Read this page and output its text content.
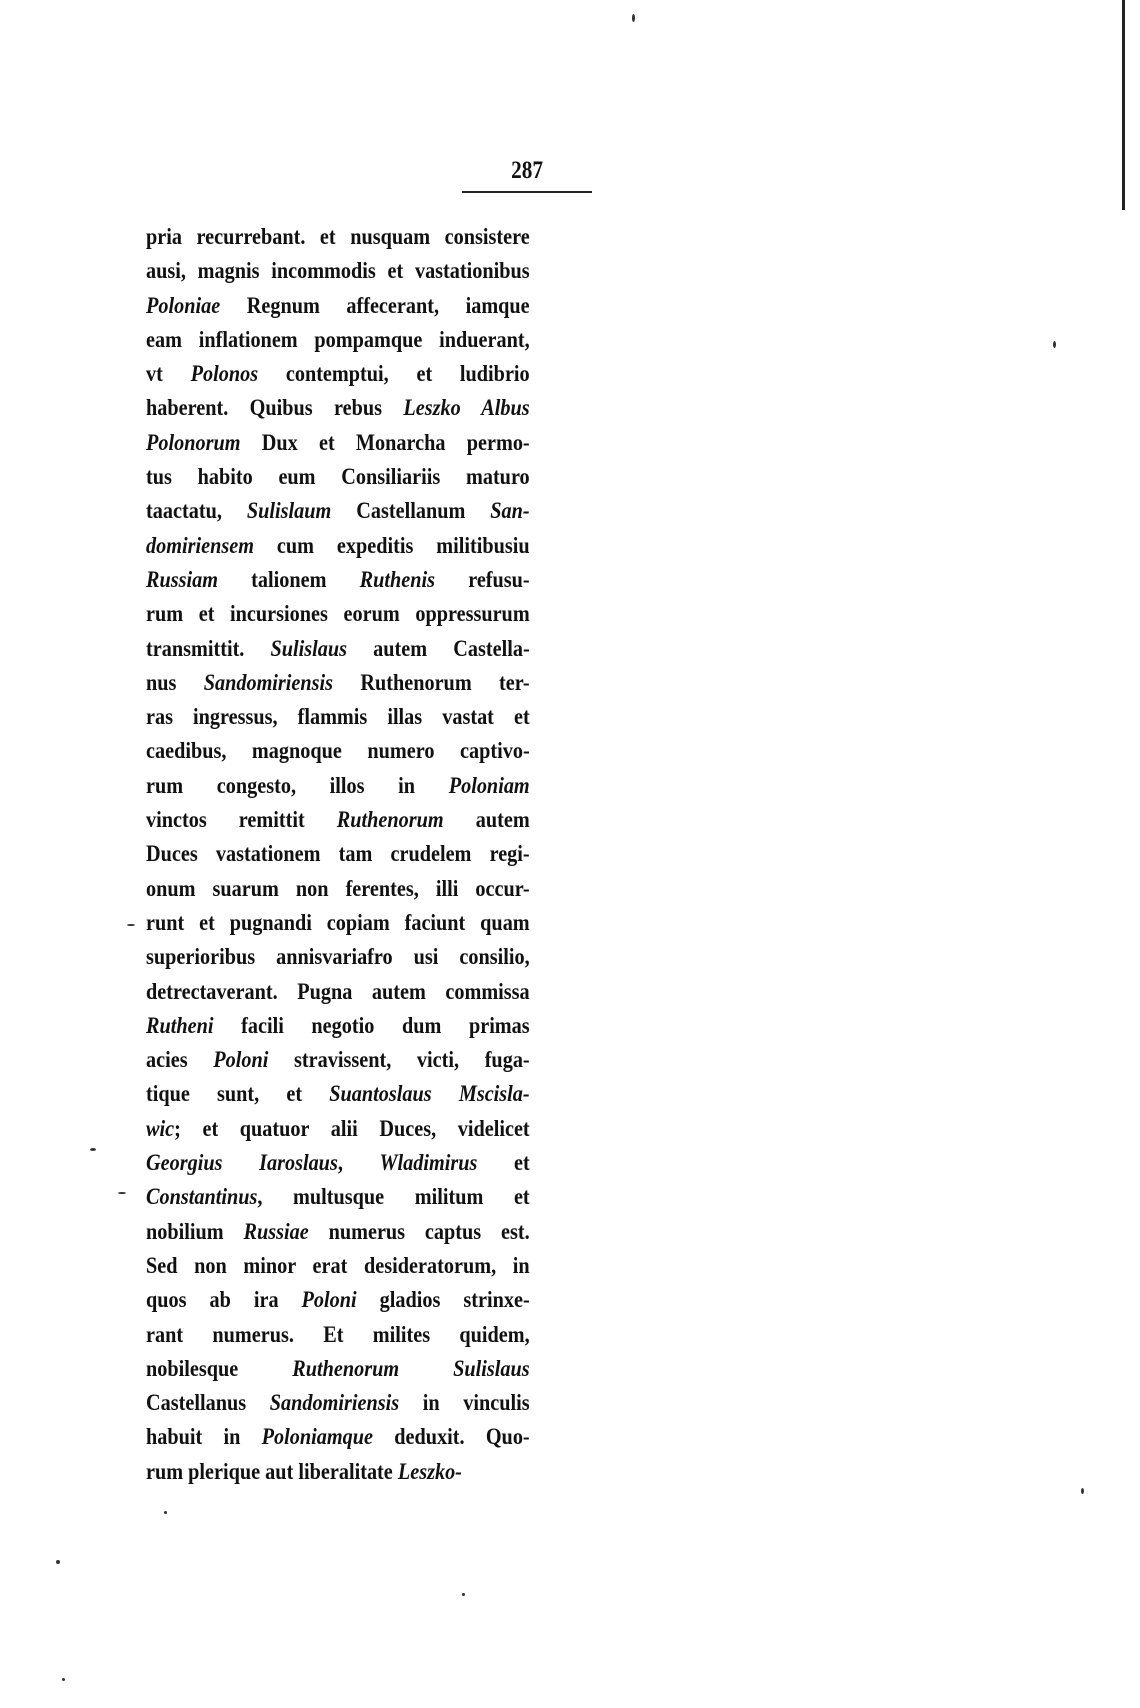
287
pria recurrebant. et nusquam consistere
ausi, magnis incommodis et vastationibus
Poloniae Regnum affecerant, iamque
eam inflationem pompamque induerant,
vt Polonos contemptui, et ludibrio
haberent. Quibus rebus Leszko Albus
Polonorum Dux et Monarcha permo-
tus habito eum Consiliariis maturo
taactatu, Sulislaum Castellanum San-
domiriensem cum expeditis militibusiu
Russiam talionem Ruthenis refusu-
rum et incursiones eorum oppressurum
transmittit. Sulislaus autem Castella-
nus Sandomiriensis Ruthenorum ter-
ras ingressus, flammis illas vastat et
caedibus, magnoque numero captivo-
rum congesto, illos in Poloniam
vinctos remittit Ruthenorum autem
Duces vastationem tam crudelem regi-
onum suarum non ferentes, illi occur-
runt et pugnandi copiam faciunt quam
superioribus annisvariafro usi consilio,
detrectaverant. Pugna autem commissa
Rutheni facili negotio dum primas
acies Poloni stravissent, victi, fuga-
tique sunt, et Suantoslaus Mscisla-
wic; et quatuor alii Duces, videlicet
Georgius Iaroslaus, Wladimirus et
Constantinus, multusque militum et
nobilium Russiae numerus captus est.
Sed non minor erat desideratorum, in
quos ab ira Poloni gladios strinxe-
rant numerus. Et milites quidem,
nobilesque Ruthenorum Sulislaus
Castellanus Sandomiriensis in vinculis
habuit in Poloniamque deduxit. Quo-
rum plerique aut liberalitate Leszko-
